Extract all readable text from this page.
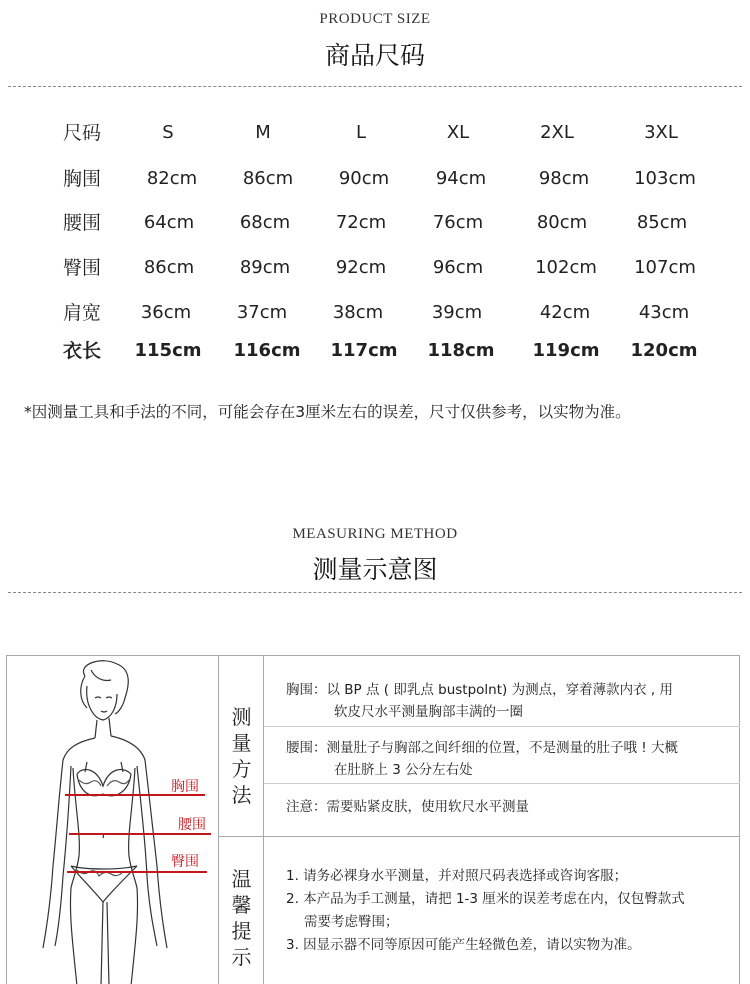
PRODUCT SIZE
商品尺码
尺码	S	M	L	XL	2XL	3XL
胸围	82cm	86cm	90cm	94cm	98cm	103cm
腰围	64cm	68cm	72cm	76cm	80cm	85cm
臀围	86cm	89cm	92cm	96cm	102cm	107cm
肩宽	36cm	37cm	38cm	39cm	42cm	43cm
衣长	115cm	116cm	117cm	118cm	119cm	120cm
*因测量工具和手法的不同，可能会存在3厘米左右的误差，尺寸仅供参考，以实物为准。
MEASURING METHOD
测量示意图
胸围
腰围
臀围
测
量
方
法
温
馨
提
示
胸围：以 BP 点 ( 即乳点 bustpolnt) 为测点，穿着薄款内衣 , 用
软皮尺水平测量胸部丰满的一圈
腰围：测量肚子与胸部之间纤细的位置，不是测量的肚子哦 ! 大概
在肚脐上 3 公分左右处
注意：需要贴紧皮肤，使用软尺水平测量
1. 请务必裸身水平测量，并对照尺码表选择或咨询客服；
2. 本产品为手工测量，请把 1-3 厘米的误差考虑在内，仅包臀款式
需要考虑臀围；
3. 因显示器不同等原因可能产生轻微色差，请以实物为准。
